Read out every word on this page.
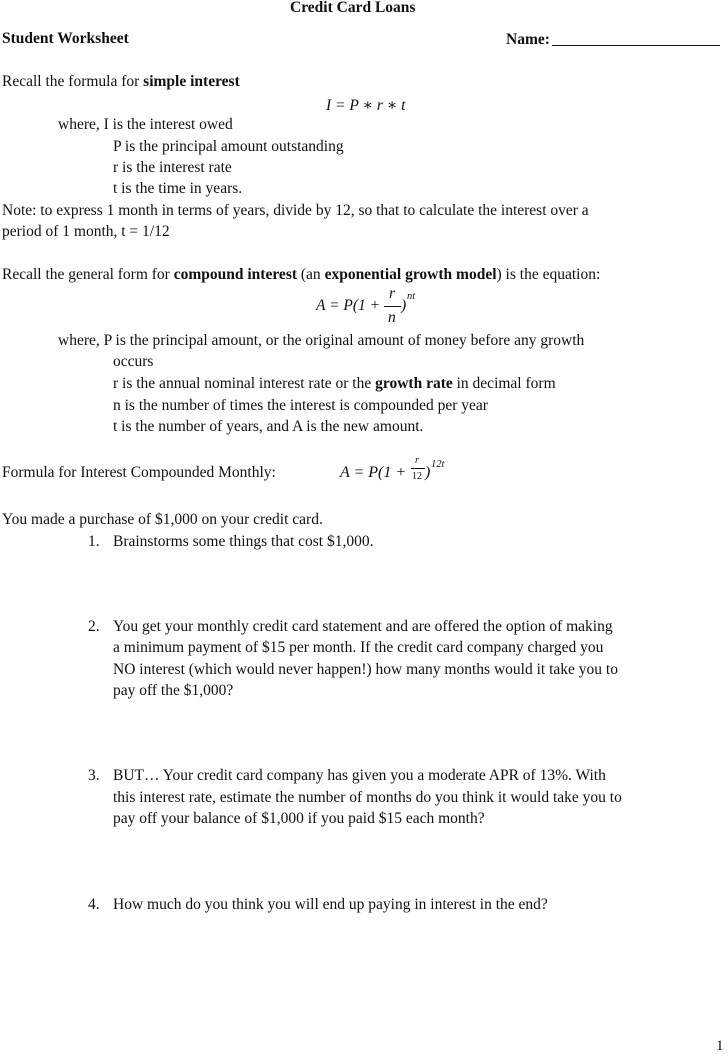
Credit Card Loans
Student Worksheet	Name:
Recall the formula for simple interest
I = P ∗ r ∗ t
where, I is the interest owed
P is the principal amount outstanding
r is the interest rate
t is the time in years.
Note: to express 1 month in terms of years, divide by 12, so that to calculate the interest over a
period of 1 month, t = 1/12
Recall the general form for compound interest (an exponential growth model) is the equation:
A = P(1 +
r
n
)
nt
where, P is the principal amount, or the original amount of money before any growth
occurs
r is the annual nominal interest rate or the growth rate in decimal form
n is the number of times the interest is compounded per year
t is the number of years, and A is the new amount.
Formula for Interest Compounded Monthly:	A = P(1 +
r
12 ) 12t
You made a purchase of $1,000 on your credit card.
1. Brainstorms some things that cost $1,000.
2. You get your monthly credit card statement and are offered the option of making
a minimum payment of $15 per month. If the credit card company charged you
NO interest (which would never happen!) how many months would it take you to
pay off the $1,000?
3. BUT… Your credit card company has given you a moderate APR of 13%. With
this interest rate, estimate the number of months do you think it would take you to
pay off your balance of $1,000 if you paid $15 each month?
4. How much do you think you will end up paying in interest in the end?
1
